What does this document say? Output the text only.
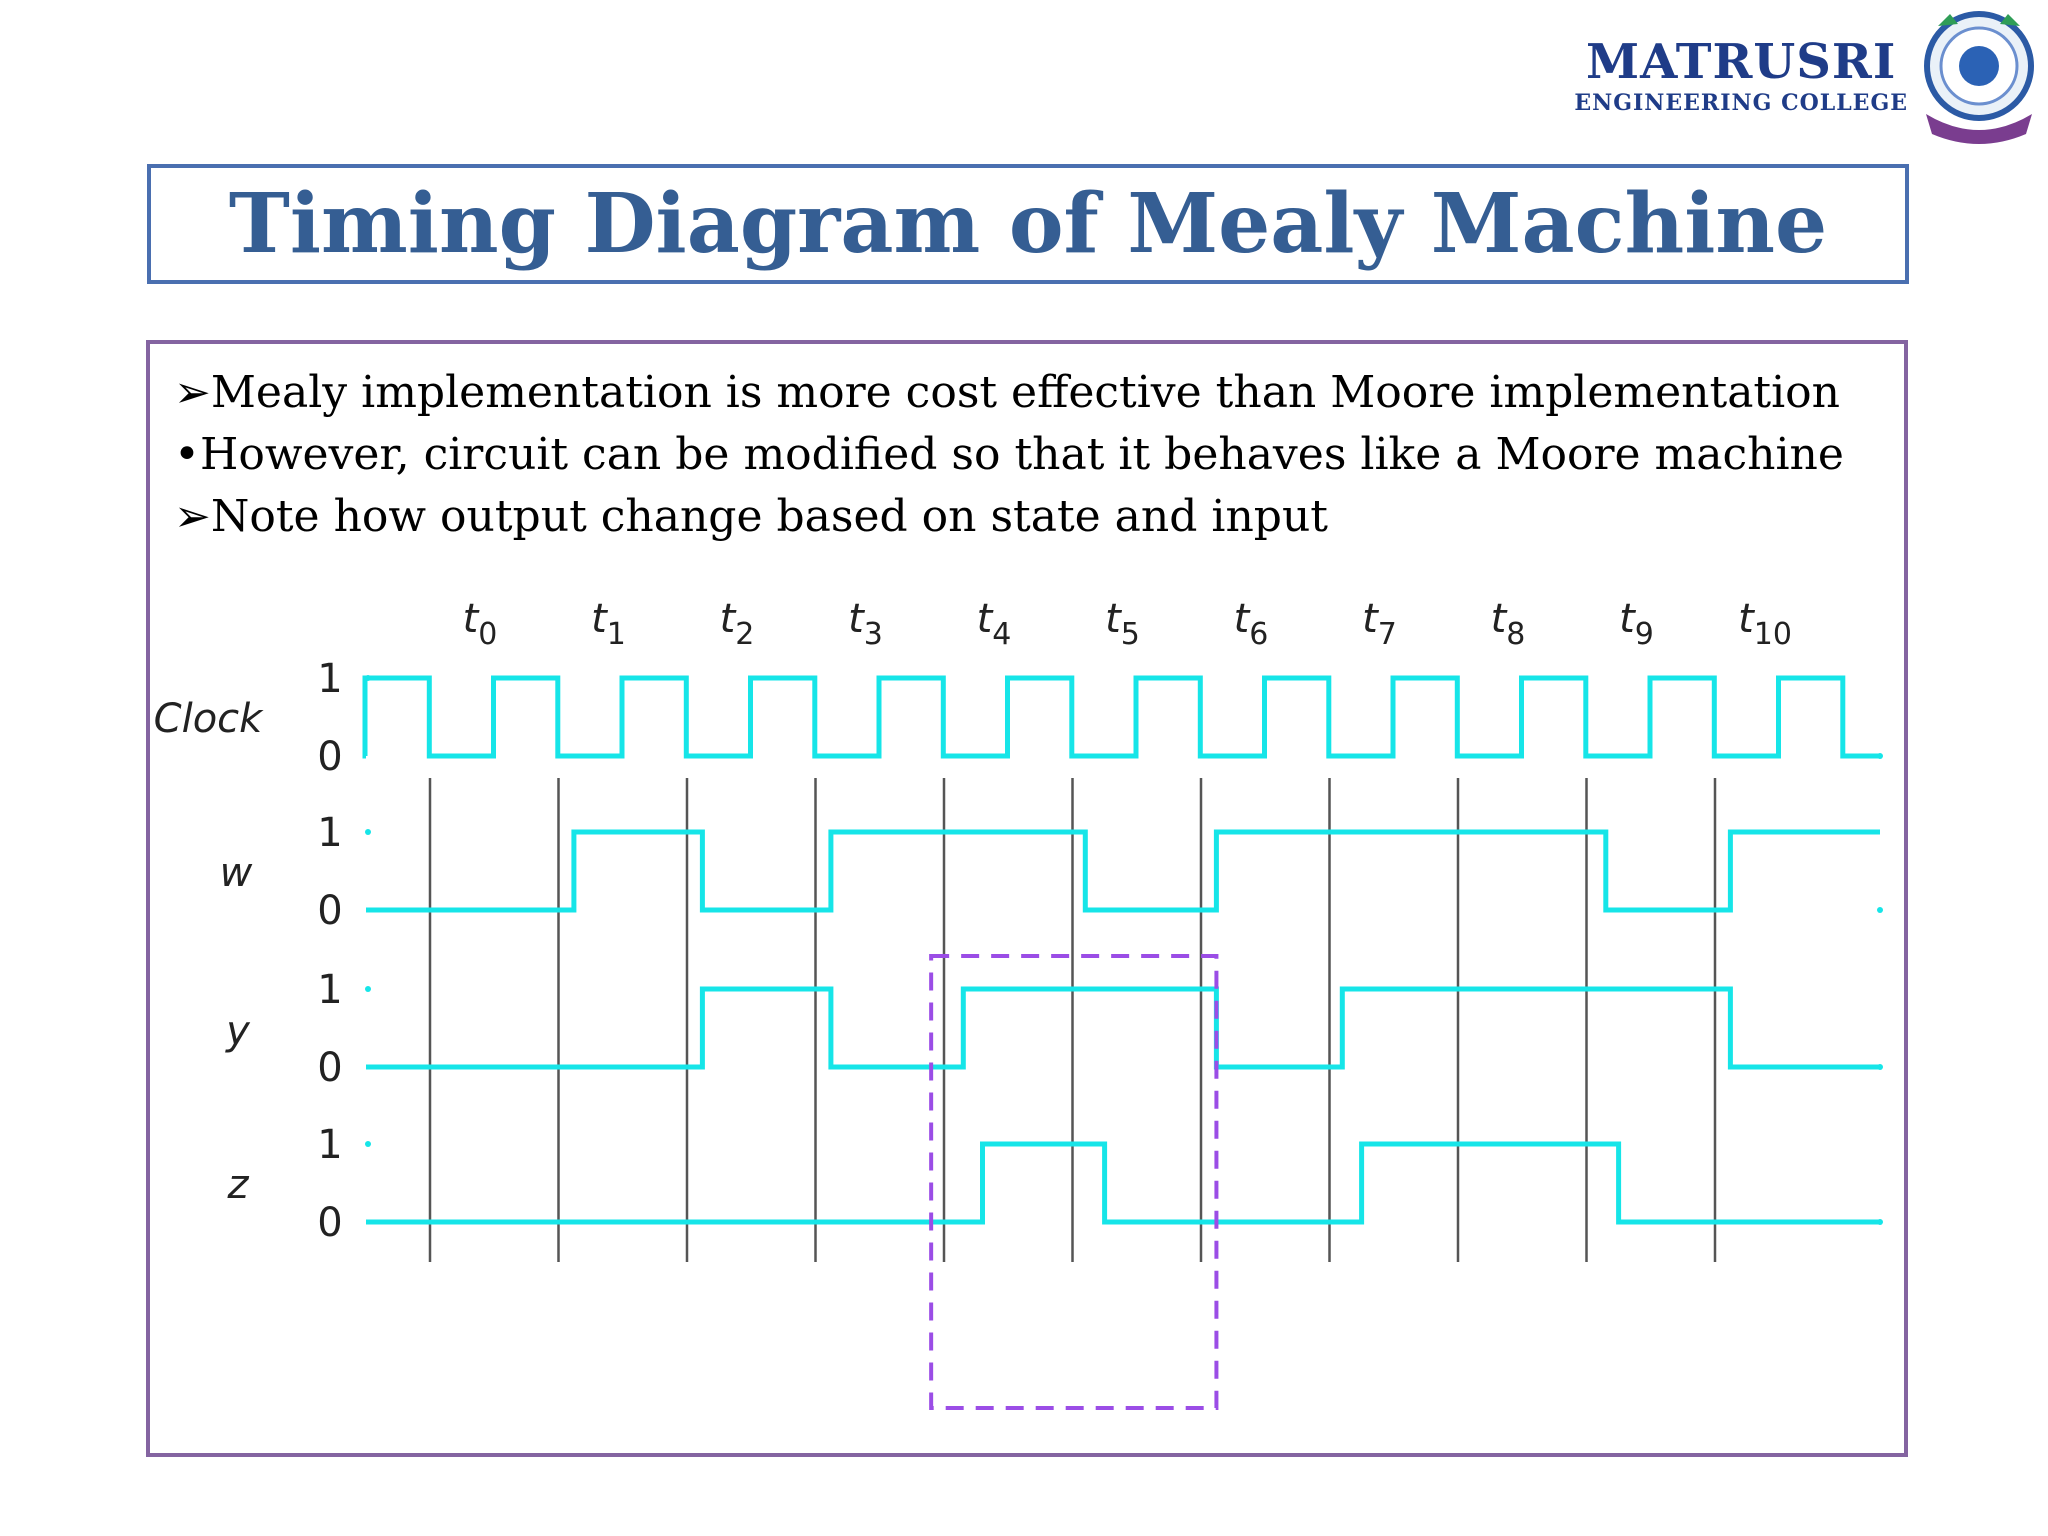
MATRUSRI
ENGINEERING COLLEGE
Timing Diagram of Mealy Machine
➢Mealy implementation is more cost effective than Moore implementation
•However, circuit can be modified so that it behaves like a Moore machine
➢Note how output change based on state and input
$t_0$ $t_1$ $t_2$ $t_3$ $t_4$ $t_5$ $t_6$ $t_7$ $t_8$ $t_9$ $t_{10}$
Clock
1
0
w
1
0
y
1
0
z
1
0
